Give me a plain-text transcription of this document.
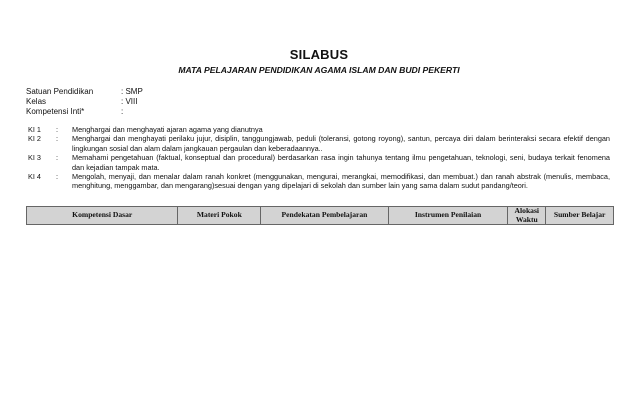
SILABUS
MATA PELAJARAN PENDIDIKAN AGAMA ISLAM DAN BUDI PEKERTI
Satuan Pendidikan	: SMP
Kelas	: VIII
Kompetensi Inti*	:
KI 1	:	Menghargai dan menghayati ajaran agama yang dianutnya
KI 2	:	Menghargai dan menghayati perilaku jujur, disiplin, tanggungjawab, peduli (toleransi, gotong royong), santun, percaya diri dalam berinteraksi secara efektif dengan lingkungan sosial dan alam dalam jangkauan pergaulan dan keberadaannya..
KI 3	:	Memahami pengetahuan (faktual, konseptual dan procedural) berdasarkan rasa ingin tahunya tentang ilmu pengetahuan, teknologi, seni, budaya terkait fenomena dan kejadian tampak mata.
KI 4	:	Mengolah, menyaji, dan menalar dalam ranah konkret (menggunakan, mengurai, merangkai, memodifikasi, dan membuat.) dan ranah abstrak (menulis, membaca, menghitung, menggambar, dan mengarang)sesuai dengan yang dipelajari di sekolah dan sumber lain yang sama dalam sudut pandang/teori.
Kompetensi Dasar	Materi Pokok	Pendekatan Pembelajaran	Instrumen Penilaian	Alokasi Waktu	Sumber Belajar
